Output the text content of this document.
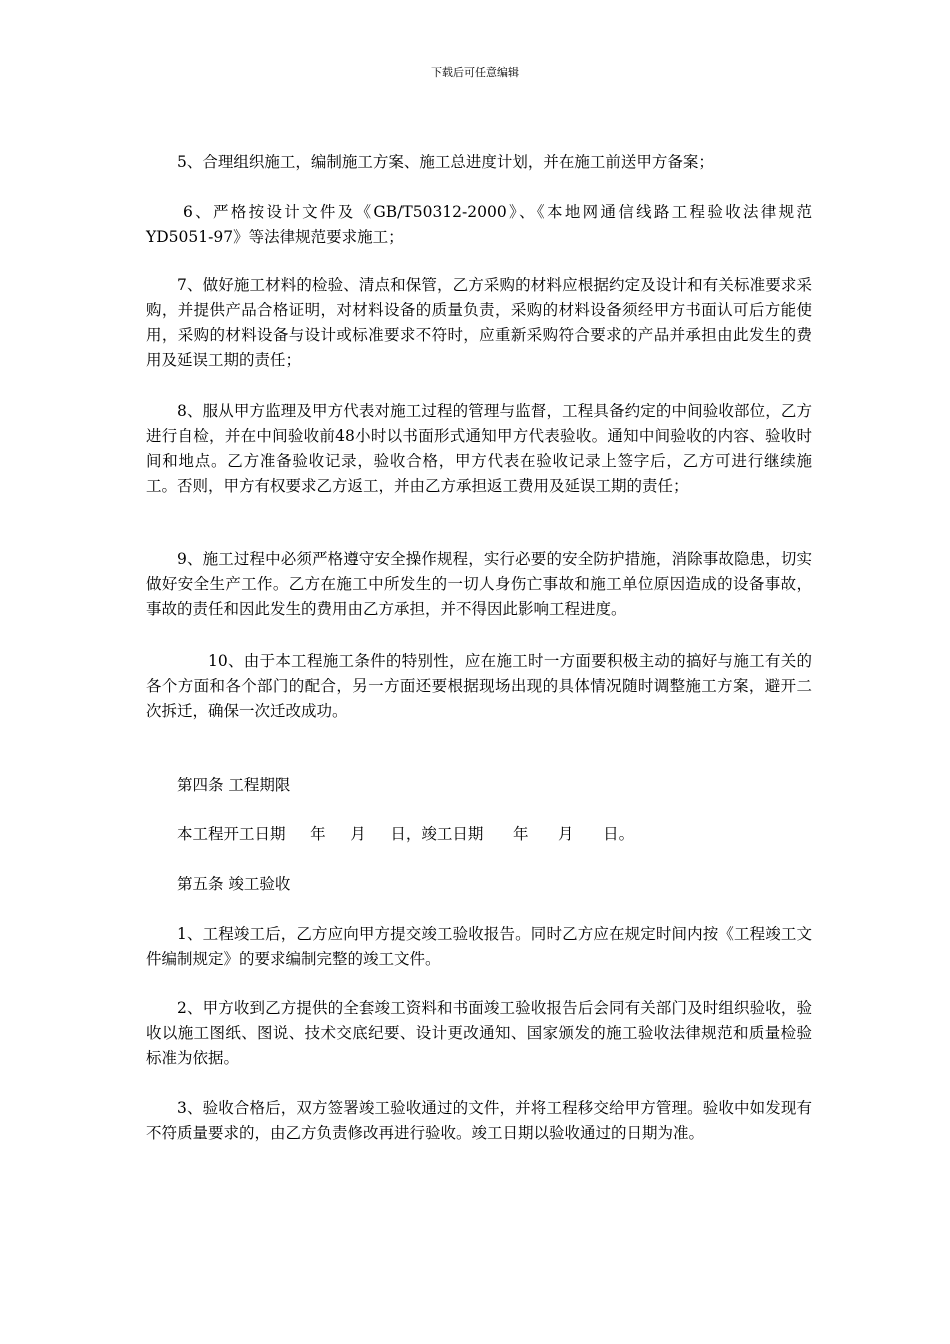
下载后可任意编辑

5、合理组织施工，编制施工方案、施工总进度计划，并在施工前送甲方备案；

6、严格按设计文件及《GB/T50312-2000》、《本地网通信线路工程验收法律规范YD5051-97》等法律规范要求施工；

7、做好施工材料的检验、清点和保管，乙方采购的材料应根据约定及设计和有关标准要求采购，并提供产品合格证明，对材料设备的质量负责，采购的材料设备须经甲方书面认可后方能使用，采购的材料设备与设计或标准要求不符时，应重新采购符合要求的产品并承担由此发生的费用及延误工期的责任；

8、服从甲方监理及甲方代表对施工过程的管理与监督，工程具备约定的中间验收部位，乙方进行自检，并在中间验收前48小时以书面形式通知甲方代表验收。通知中间验收的内容、验收时间和地点。乙方准备验收记录，验收合格，甲方代表在验收记录上签字后，乙方可进行继续施工。否则，甲方有权要求乙方返工，并由乙方承担返工费用及延误工期的责任；

9、施工过程中必须严格遵守安全操作规程，实行必要的安全防护措施，消除事故隐患，切实做好安全生产工作。乙方在施工中所发生的一切人身伤亡事故和施工单位原因造成的设备事故，事故的责任和因此发生的费用由乙方承担，并不得因此影响工程进度。

10、由于本工程施工条件的特别性，应在施工时一方面要积极主动的搞好与施工有关的各个方面和各个部门的配合，另一方面还要根据现场出现的具体情况随时调整施工方案，避开二次拆迁，确保一次迁改成功。

第四条 工程期限
本工程开工日期     年     月     日，竣工日期      年      月      日。
第五条 竣工验收

1、工程竣工后，乙方应向甲方提交竣工验收报告。同时乙方应在规定时间内按《工程竣工文件编制规定》的要求编制完整的竣工文件。

2、甲方收到乙方提供的全套竣工资料和书面竣工验收报告后会同有关部门及时组织验收，验收以施工图纸、图说、技术交底纪要、设计更改通知、国家颁发的施工验收法律规范和质量检验标准为依据。

3、验收合格后，双方签署竣工验收通过的文件，并将工程移交给甲方管理。验收中如发现有不符质量要求的，由乙方负责修改再进行验收。竣工日期以验收通过的日期为准。
